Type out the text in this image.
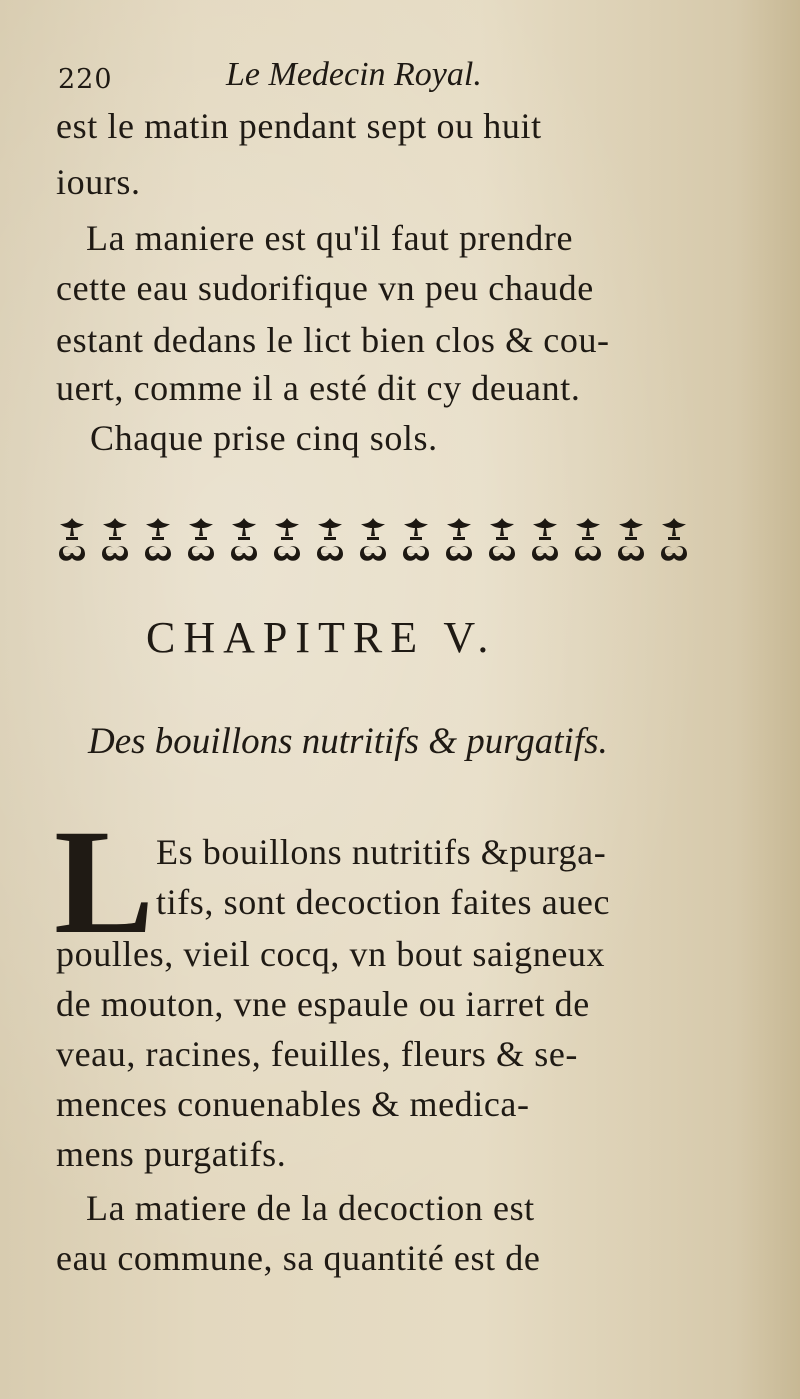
220	Le Medecin Royal.
est le matin pendant sept ou huit
iours.
La maniere est qu'il faut prendre
cette eau sudorifique vn peu chaude
estant dedans le lict bien clos & cou-
uert, comme il a esté dit cy deuant.
Chaque prise cinq sols.
CHAPITRE V.
Des bouillons nutritifs & purgatifs.
L Es bouillons nutritifs &purga-
tifs, sont decoction faites auec
poulles, vieil cocq, vn bout saigneux
de mouton, vne espaule ou iarret de
veau, racines, feuilles, fleurs & se-
mences conuenables & medica-
mens purgatifs.
La matiere de la decoction est
eau commune, sa quantité est de
